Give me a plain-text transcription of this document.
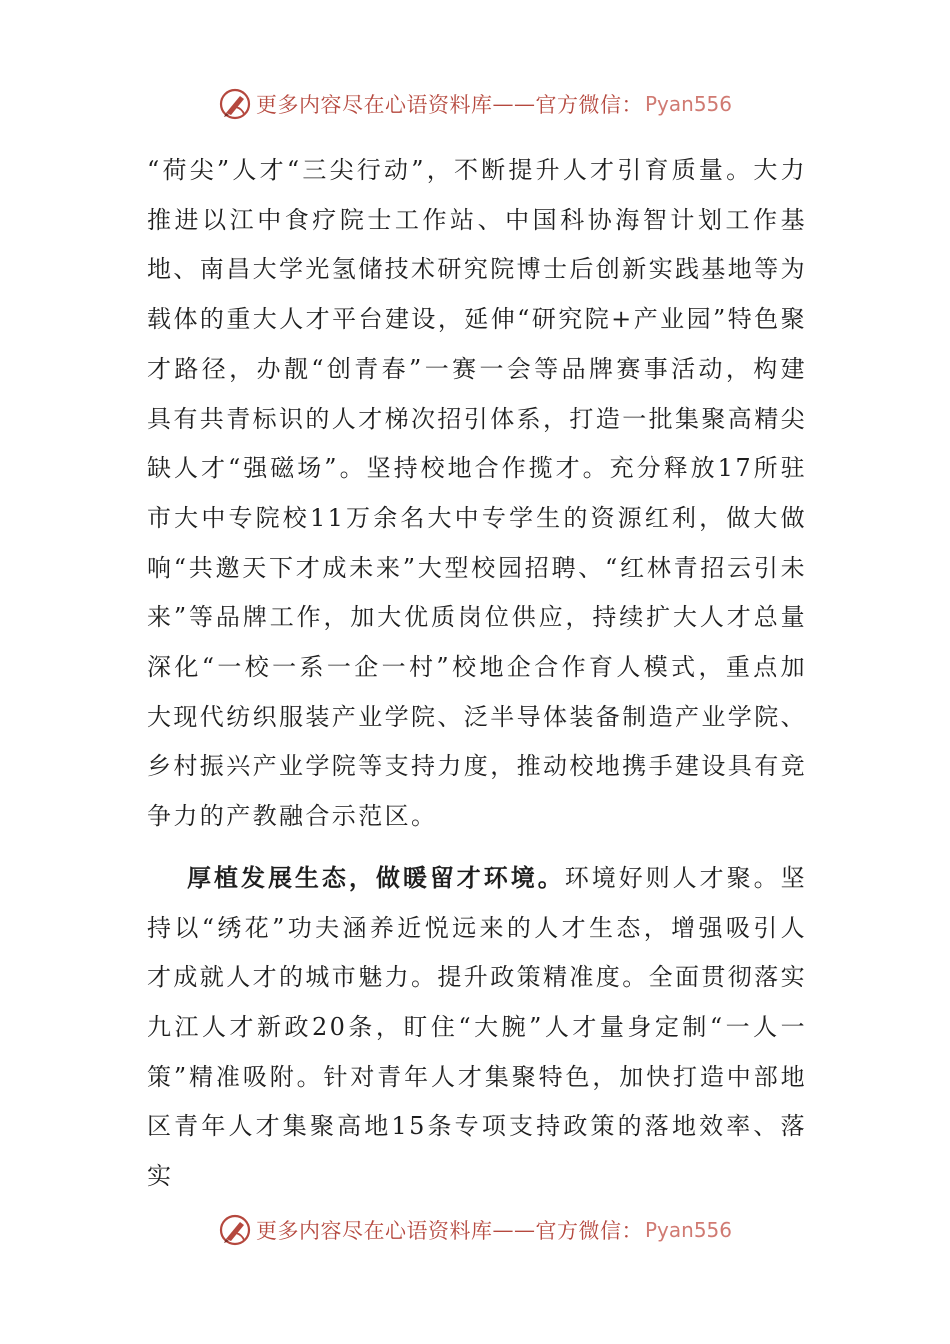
更多内容尽在心语资料库 —— 官方微信： Pyan556

“荷尖”人才“三尖行动”，不断提升人才引育质量。大力推进以江中食疗院士工作站、中国科协海智计划工作基地、南昌大学光氢储技术研究院博士后创新实践基地等为载体的重大人才平台建设，延伸“研究院+产业园”特色聚才路径，办靓“创青春”一赛一会等品牌赛事活动，构建具有共青标识的人才梯次招引体系，打造一批集聚高精尖缺人才“强磁场”。坚持校地合作揽才。充分释放17所驻市大中专院校11万余名大中专学生的资源红利，做大做响“共邀天下才成未来”大型校园招聘、“红林青招云引未来”等品牌工作，加大优质岗位供应，持续扩大人才总量深化“一校一系一企一村”校地企合作育人模式，重点加大现代纺织服装产业学院、泛半导体装备制造产业学院、乡村振兴产业学院等支持力度，推动校地携手建设具有竞争力的产教融合示范区。

厚植发展生态，做暖留才环境。环境好则人才聚。坚持以“绣花”功夫涵养近悦远来的人才生态，增强吸引人才成就人才的城市魅力。提升政策精准度。全面贯彻落实九江人才新政20条，盯住“大腕”人才量身定制“一人一策”精准吸附。针对青年人才集聚特色，加快打造中部地区青年人才集聚高地15条专项支持政策的落地效率、落实

更多内容尽在心语资料库 —— 官方微信： Pyan556
